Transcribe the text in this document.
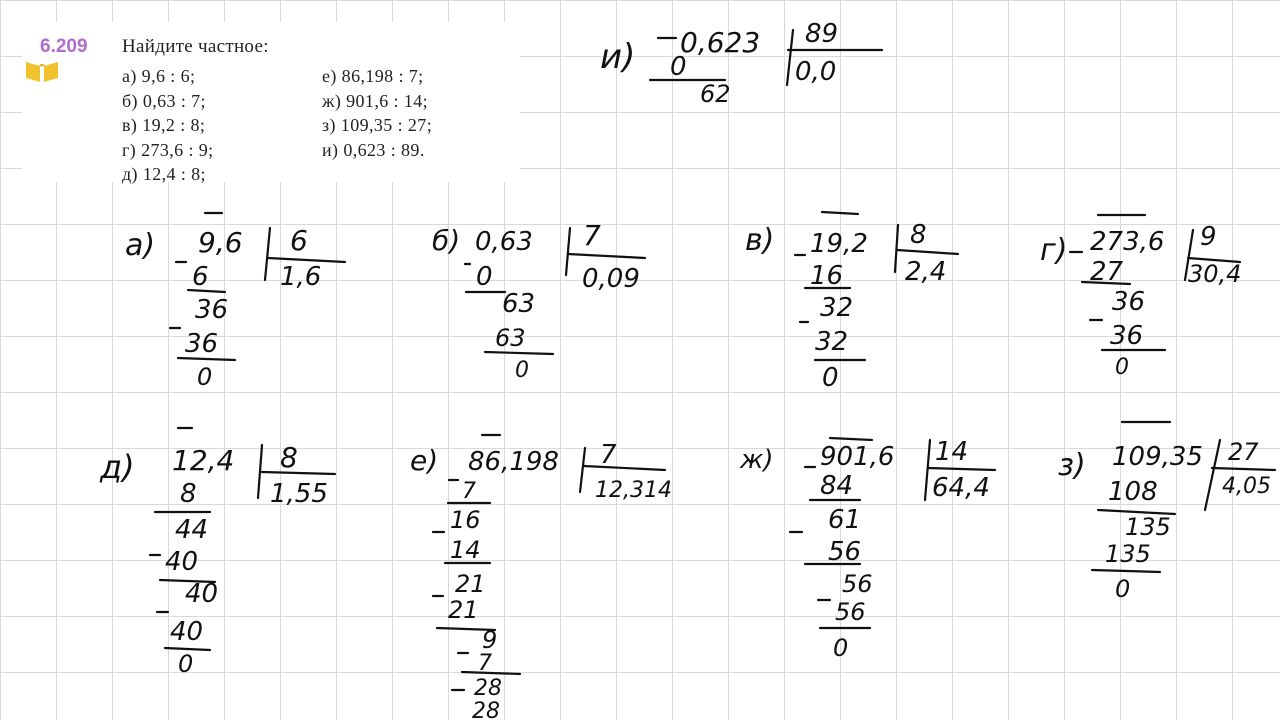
6.209 Найдите частное:
а) 9,6 : 6;
б) 0,63 : 7;
в) 19,2 : 8;
г) 273,6 : 9;
д) 12,4 : 8;
е) 86,198 : 7;
ж) 901,6 : 14;
з) 109,35 : 27;
и) 0,623 : 89.
и) 0,623 89
0,0
0
62
а) 9,6 6
1,6
6
36
36
0
б) 0,63 7
0,09
0
63
63
0
в) 19,2 8
2,4
16
32
32
0
г) 273,6 9
30,4
27
36
36
0
д) 12,4 8
1,55
8
44
40
40
40
0
е) 86,198 7
12,314
7
16
14
21
21
9
7
28
28
ж) 901,6 14
64,4
84
61
56
56
56
0
з) 109,35 27
4,05
108
135
135
0
